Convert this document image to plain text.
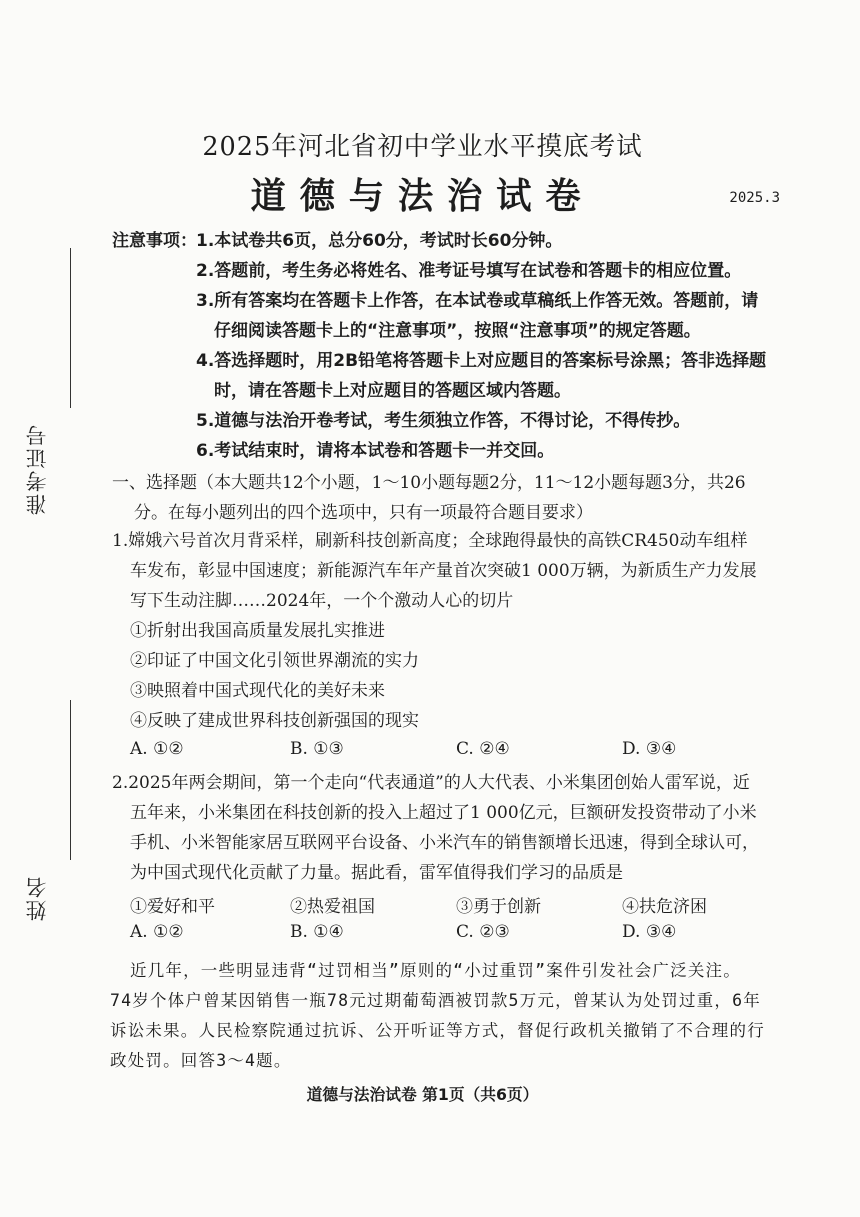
准考证号
姓名
2025年河北省初中学业水平摸底考试
道德与法治试卷	2025.3
注意事项： 1.本试卷共6页，总分60分，考试时长60分钟。
2.答题前，考生务必将姓名、准考证号填写在试卷和答题卡的相应位置。
3.所有答案均在答题卡上作答，在本试卷或草稿纸上作答无效。答题前，请
仔细阅读答题卡上的“注意事项”，按照“注意事项”的规定答题。
4.答选择题时，用2B铅笔将答题卡上对应题目的答案标号涂黑；答非选择题
时，请在答题卡上对应题目的答题区域内答题。
5.道德与法治开卷考试，考生须独立作答，不得讨论，不得传抄。
6.考试结束时，请将本试卷和答题卡一并交回。
一、选择题（本大题共12个小题，1～10小题每题2分，11～12小题每题3分，共26
分。在每小题列出的四个选项中，只有一项最符合题目要求）
1.嫦娥六号首次月背采样，刷新科技创新高度；全球跑得最快的高铁CR450动车组样
车发布，彰显中国速度；新能源汽车年产量首次突破1 000万辆，为新质生产力发展
写下生动注脚……2024年，一个个激动人心的切片
①折射出我国高质量发展扎实推进
②印证了中国文化引领世界潮流的实力
③映照着中国式现代化的美好未来
④反映了建成世界科技创新强国的现实
A. ①②	B. ①③	C. ②④	D. ③④
2.2025年两会期间，第一个走向“代表通道”的人大代表、小米集团创始人雷军说，近
五年来，小米集团在科技创新的投入上超过了1 000亿元，巨额研发投资带动了小米
手机、小米智能家居互联网平台设备、小米汽车的销售额增长迅速，得到全球认可，
为中国式现代化贡献了力量。据此看，雷军值得我们学习的品质是
①爱好和平	②热爱祖国	③勇于创新	④扶危济困
A. ①②	B. ①④	C. ②③	D. ③④
近几年，一些明显违背“过罚相当”原则的“小过重罚”案件引发社会广泛关注。
74岁个体户曾某因销售一瓶78元过期葡萄酒被罚款5万元，曾某认为处罚过重，6年
诉讼未果。人民检察院通过抗诉、公开听证等方式，督促行政机关撤销了不合理的行
政处罚。回答3～4题。
道德与法治试卷 第1页（共6页）
